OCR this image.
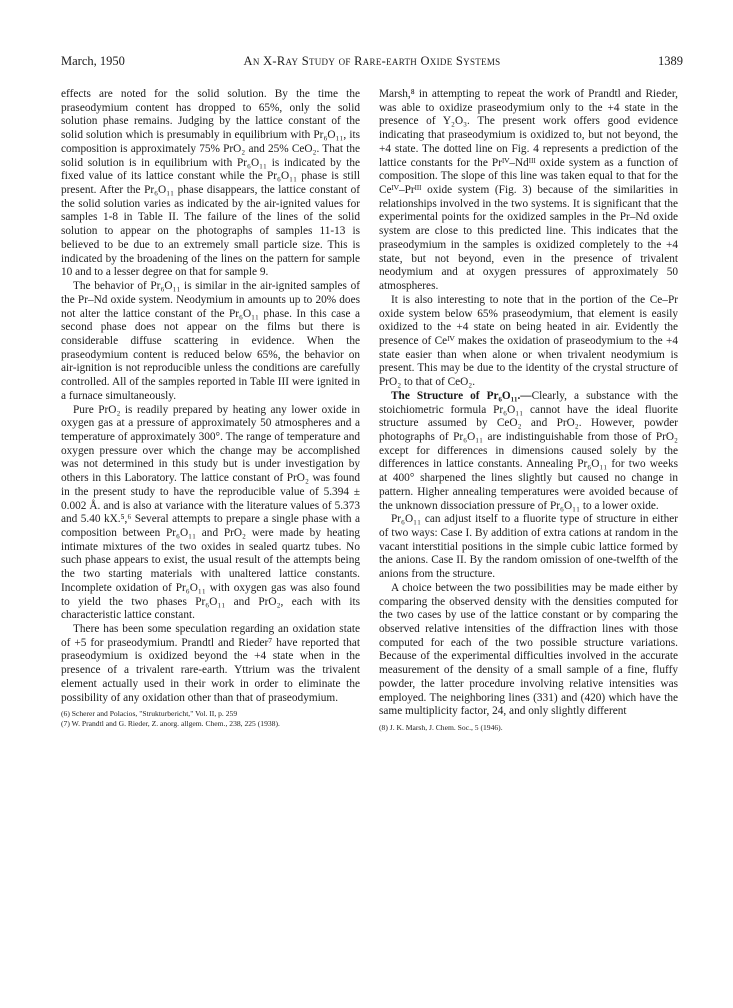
March, 1950	An X-Ray Study of Rare-earth Oxide Systems	1389

effects are noted for the solid solution. By the time the praseodymium content has dropped to 65%, only the solid solution phase remains. Judging by the lattice constant of the solid solution which is presumably in equilibrium with Pr₆O₁₁, its composition is approximately 75% PrO₂ and 25% CeO₂. That the solid solution is in equilibrium with Pr₆O₁₁ is indicated by the fixed value of its lattice constant while the Pr₆O₁₁ phase is still present. After the Pr₆O₁₁ phase disappears, the lattice constant of the solid solution varies as indicated by the air-ignited values for samples 1-8 in Table II. The failure of the lines of the solid solution to appear on the photographs of samples 11-13 is believed to be due to an extremely small particle size. This is indicated by the broadening of the lines on the pattern for sample 10 and to a lesser degree on that for sample 9.

The behavior of Pr₆O₁₁ is similar in the air-ignited samples of the Pr–Nd oxide system. Neodymium in amounts up to 20% does not alter the lattice constant of the Pr₆O₁₁ phase. In this case a second phase does not appear on the films but there is considerable diffuse scattering in evidence. When the praseodymium content is reduced below 65%, the behavior on air-ignition is not reproducible unless the conditions are carefully controlled. All of the samples reported in Table III were ignited in a furnace simultaneously.

Pure PrO₂ is readily prepared by heating any lower oxide in oxygen gas at a pressure of approximately 50 atmospheres and a temperature of approximately 300°. The range of temperature and oxygen pressure over which the change may be accomplished was not determined in this study but is under investigation by others in this Laboratory. The lattice constant of PrO₂ was found in the present study to have the reproducible value of 5.394 ± 0.002 Å. and is also at variance with the literature values of 5.373 and 5.40 kX.⁵,⁶ Several attempts to prepare a single phase with a composition between Pr₆O₁₁ and PrO₂ were made by heating intimate mixtures of the two oxides in sealed quartz tubes. No such phase appears to exist, the usual result of the attempts being the two starting materials with unaltered lattice constants. Incomplete oxidation of Pr₆O₁₁ with oxygen gas was also found to yield the two phases Pr₆O₁₁ and PrO₂, each with its characteristic lattice constant.

There has been some speculation regarding an oxidation state of +5 for praseodymium. Prandtl and Rieder⁷ have reported that praseodymium is oxidized beyond the +4 state when in the presence of a trivalent rare-earth. Yttrium was the trivalent element actually used in their work in order to eliminate the possibility of any oxidation other than that of praseodymium.

(6) Scherer and Polacios, "Strukturbericht," Vol. II, p. 259
(7) W. Prandtl and G. Rieder, Z. anorg. allgem. Chem., 238, 225 (1938).

Marsh,⁸ in attempting to repeat the work of Prandtl and Rieder, was able to oxidize praseodymium only to the +4 state in the presence of Y₂O₃. The present work offers good evidence indicating that praseodymium is oxidized to, but not beyond, the +4 state. The dotted line on Fig. 4 represents a prediction of the lattice constants for the Prᴵⱽ–Ndᴵᴵᴵ oxide system as a function of composition. The slope of this line was taken equal to that for the Ceᴵⱽ–Prᴵᴵᴵ oxide system (Fig. 3) because of the similarities in relationships involved in the two systems. It is significant that the experimental points for the oxidized samples in the Pr–Nd oxide system are close to this predicted line. This indicates that the praseodymium in the samples is oxidized completely to the +4 state, but not beyond, even in the presence of trivalent neodymium and at oxygen pressures of approximately 50 atmospheres.

It is also interesting to note that in the portion of the Ce–Pr oxide system below 65% praseodymium, that element is easily oxidized to the +4 state on being heated in air. Evidently the presence of Ceᴵⱽ makes the oxidation of praseodymium to the +4 state easier than when alone or when trivalent neodymium is present. This may be due to the identity of the crystal structure of PrO₂ to that of CeO₂.

The Structure of Pr₆O₁₁.—Clearly, a substance with the stoichiometric formula Pr₆O₁₁ cannot have the ideal fluorite structure assumed by CeO₂ and PrO₂. However, powder photographs of Pr₆O₁₁ are indistinguishable from those of PrO₂ except for differences in dimensions caused solely by the differences in lattice constants. Annealing Pr₆O₁₁ for two weeks at 400° sharpened the lines slightly but caused no change in pattern. Higher annealing temperatures were avoided because of the unknown dissociation pressure of Pr₆O₁₁ to a lower oxide.

Pr₆O₁₁ can adjust itself to a fluorite type of structure in either of two ways: Case I. By addition of extra cations at random in the vacant interstitial positions in the simple cubic lattice formed by the anions. Case II. By the random omission of one-twelfth of the anions from the structure.

A choice between the two possibilities may be made either by comparing the observed density with the densities computed for the two cases by use of the lattice constant or by comparing the observed relative intensities of the diffraction lines with those computed for each of the two possible structure variations. Because of the experimental difficulties involved in the accurate measurement of the density of a small sample of a fine, fluffy powder, the latter procedure involving relative intensities was employed. The neighboring lines (331) and (420) which have the same multiplicity factor, 24, and only slightly different

(8) J. K. Marsh, J. Chem. Soc., 5 (1946).
